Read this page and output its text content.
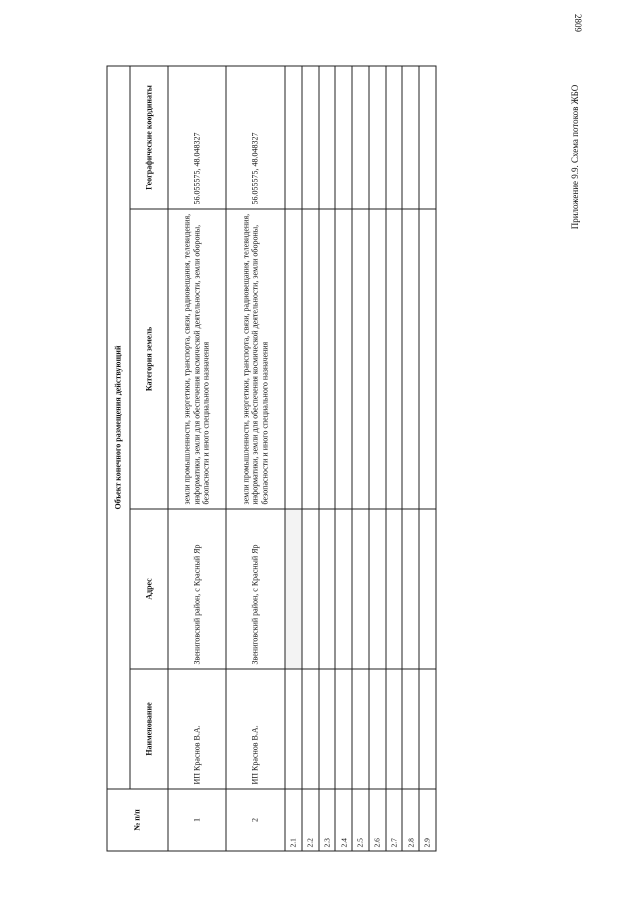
2809
Приложение 9.9. Схема потоков ЖБО
№ п/п	Объект конечного размещения действующий			
	Наименование	Адрес	Категория земель	Географические координаты
1	ИП Краснов В.А.	Звениговский район, с Красный Яр	земли промышленности, энергетики, транспорта, связи, радиовещания, телевидения, информатики, земли для обеспечения космической деятельности, земли обороны, безопасности и иного специального назначения	56.055575, 48.048327
2	ИП Краснов В.А.	Звениговский район, с Красный Яр	земли промышленности, энергетики, транспорта, связи, радиовещания, телевидения, информатики, земли для обеспечения космической деятельности, земли обороны, безопасности и иного специального назначения	56.055575, 48.048327
2.1				
2.2				
2.3				
2.4				
2.5				
2.6				
2.7				
2.8				
2.9				
